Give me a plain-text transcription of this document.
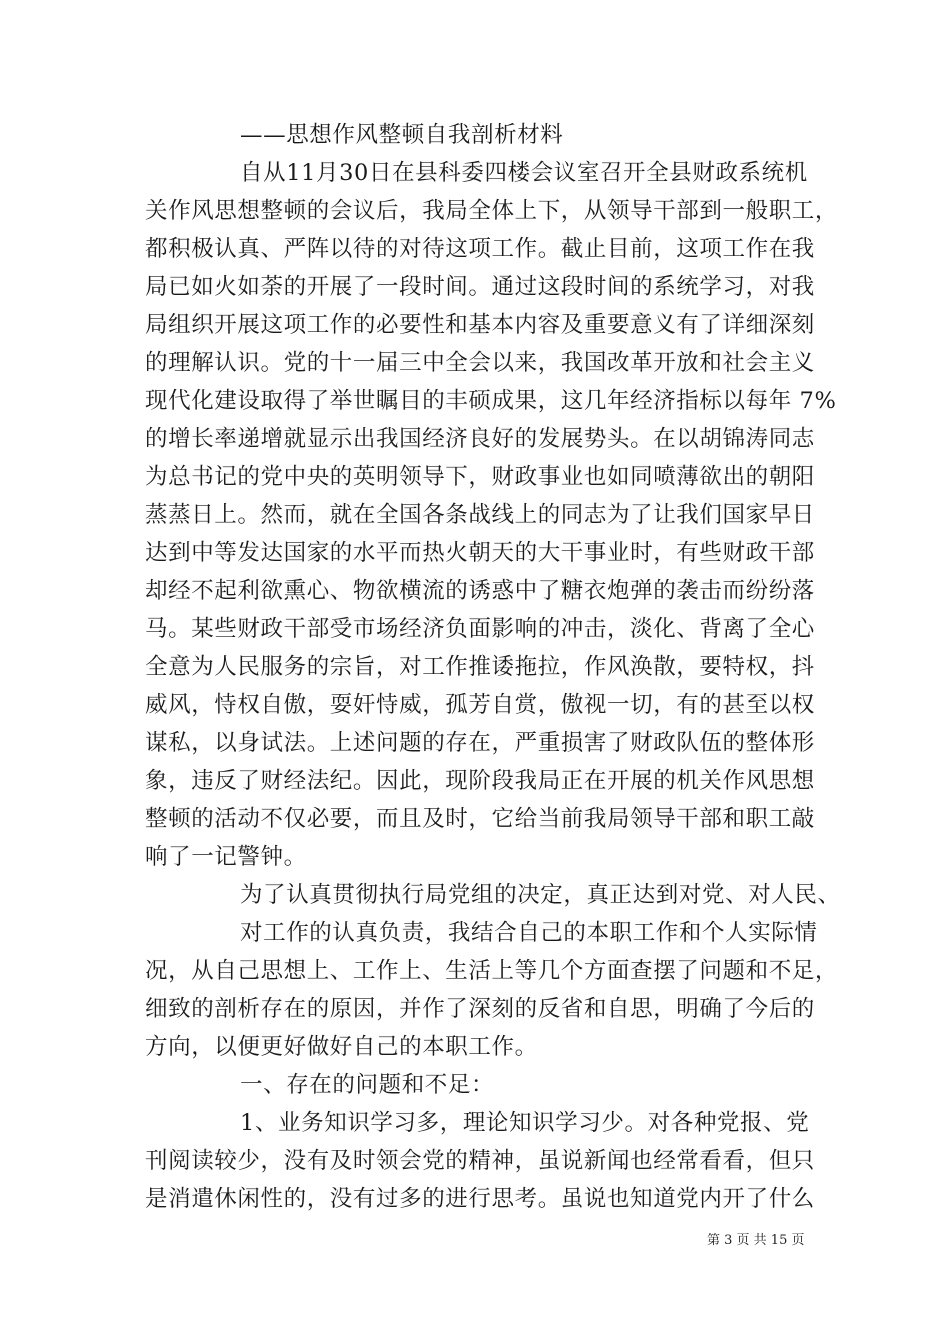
——思想作风整顿自我剖析材料
自从11月30日在县科委四楼会议室召开全县财政系统机
关作风思想整顿的会议后，我局全体上下，从领导干部到一般职工，
都积极认真、严阵以待的对待这项工作。截止目前，这项工作在我
局已如火如荼的开展了一段时间。通过这段时间的系统学习，对我
局组织开展这项工作的必要性和基本内容及重要意义有了详细深刻
的理解认识。党的十一届三中全会以来，我国改革开放和社会主义
现代化建设取得了举世瞩目的丰硕成果，这几年经济指标以每年 7%
的增长率递增就显示出我国经济良好的发展势头。在以胡锦涛同志
为总书记的党中央的英明领导下，财政事业也如同喷薄欲出的朝阳
蒸蒸日上。然而，就在全国各条战线上的同志为了让我们国家早日
达到中等发达国家的水平而热火朝天的大干事业时，有些财政干部
却经不起利欲熏心、物欲横流的诱惑中了糖衣炮弹的袭击而纷纷落
马。某些财政干部受市场经济负面影响的冲击，淡化、背离了全心
全意为人民服务的宗旨，对工作推诿拖拉，作风涣散，要特权，抖
威风，恃权自傲，耍奸恃威，孤芳自赏，傲视一切，有的甚至以权
谋私，以身试法。上述问题的存在，严重损害了财政队伍的整体形
象，违反了财经法纪。因此，现阶段我局正在开展的机关作风思想
整顿的活动不仅必要，而且及时，它给当前我局领导干部和职工敲
响了一记警钟。
为了认真贯彻执行局党组的决定，真正达到对党、对人民、
对工作的认真负责，我结合自己的本职工作和个人实际情
况，从自己思想上、工作上、生活上等几个方面查摆了问题和不足，
细致的剖析存在的原因，并作了深刻的反省和自思，明确了今后的
方向，以便更好做好自己的本职工作。
一、存在的问题和不足：
1、业务知识学习多，理论知识学习少。对各种党报、党
刊阅读较少，没有及时领会党的精神，虽说新闻也经常看看，但只
是消遣休闲性的，没有过多的进行思考。虽说也知道党内开了什么
第 3 页 共 15 页
